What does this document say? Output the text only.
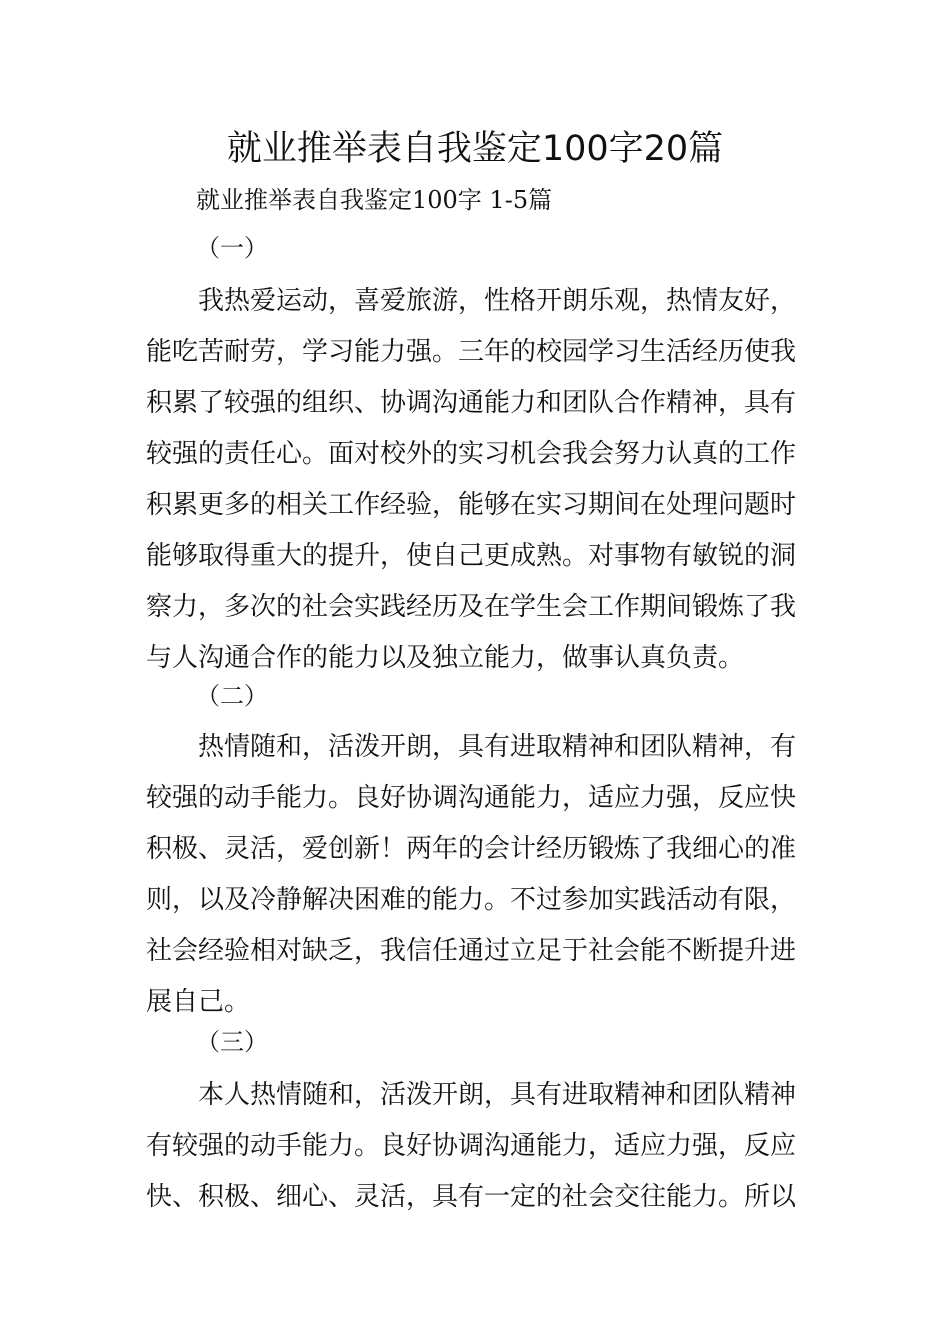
就业推举表自我鉴定100字20篇
就业推举表自我鉴定100字 1-5篇
（一）
我热爱运动，喜爱旅游，性格开朗乐观，热情友好，
能吃苦耐劳，学习能力强。三年的校园学习生活经历使我
积累了较强的组织、协调沟通能力和团队合作精神，具有
较强的责任心。面对校外的实习机会我会努力认真的工作
积累更多的相关工作经验，能够在实习期间在处理问题时
能够取得重大的提升，使自己更成熟。对事物有敏锐的洞
察力，多次的社会实践经历及在学生会工作期间锻炼了我
与人沟通合作的能力以及独立能力，做事认真负责。
（二）
热情随和，活泼开朗，具有进取精神和团队精神，有
较强的动手能力。良好协调沟通能力，适应力强，反应快
积极、灵活，爱创新！两年的会计经历锻炼了我细心的准
则，以及冷静解决困难的能力。不过参加实践活动有限，
社会经验相对缺乏，我信任通过立足于社会能不断提升进
展自己。
（三）
本人热情随和，活泼开朗，具有进取精神和团队精神
有较强的动手能力。良好协调沟通能力，适应力强，反应
快、积极、细心、灵活，具有一定的社会交往能力。所以
